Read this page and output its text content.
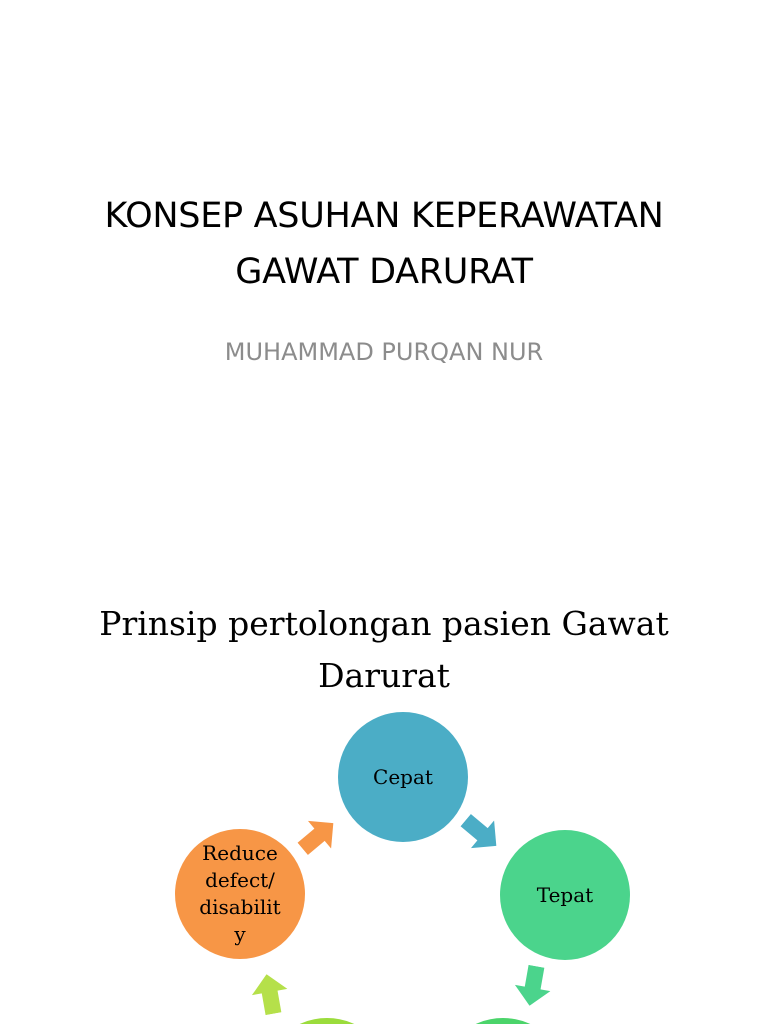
KONSEP ASUHAN KEPERAWATAN
GAWAT DARURAT
MUHAMMAD PURQAN NUR
Prinsip pertolongan pasien Gawat
Darurat
Cepat
Tepat
Reduce
defect/
disabilit
y
